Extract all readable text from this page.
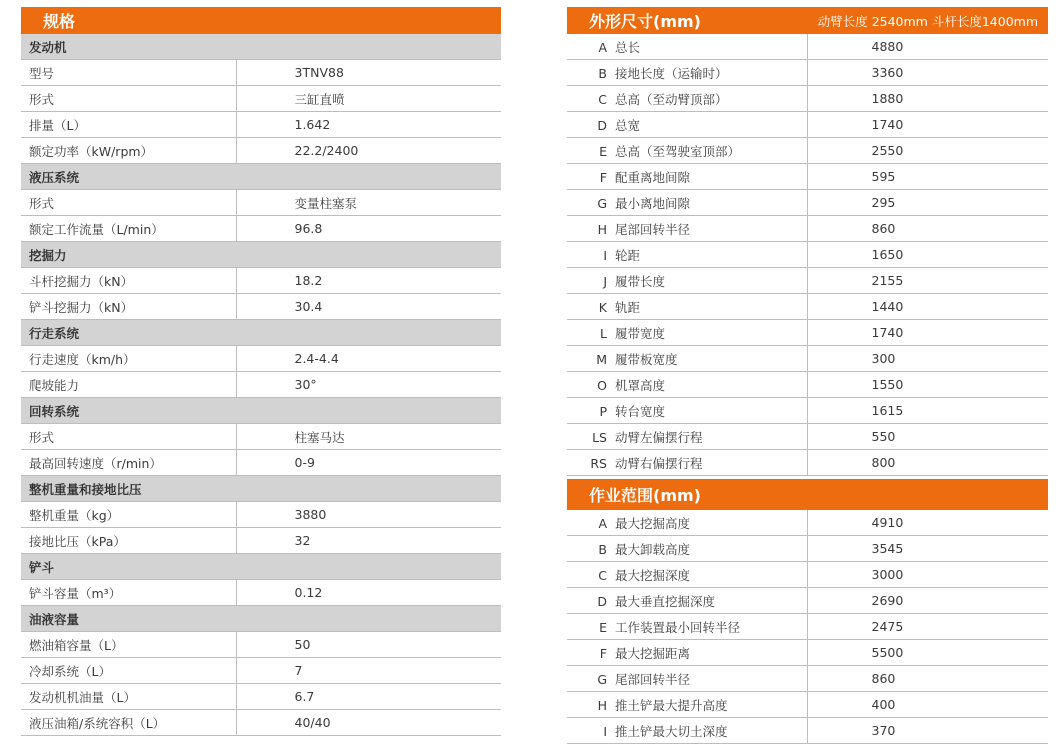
规格
发动机	
型号	3TNV88
形式	三缸直喷
排量（L）	1.642
额定功率（kW/rpm）	22.2/2400
液压系统	
形式	变量柱塞泵
额定工作流量（L/min）	96.8
挖掘力	
斗杆挖掘力（kN）	18.2
铲斗挖掘力（kN）	30.4
行走系统	
行走速度（km/h）	2.4-4.4
爬坡能力	30°
回转系统	
形式	柱塞马达
最高回转速度（r/min）	0-9
整机重量和接地比压	
整机重量（kg）	3880
接地比压（kPa）	32
铲斗	
铲斗容量（m³）	0.12
油液容量	
燃油箱容量（L）	50
冷却系统（L）	7
发动机机油量（L）	6.7
液压油箱/系统容积（L）	40/40
外形尺寸(mm)	动臂长度 2540mm 斗杆长度1400mm
A 总长	4880
B 接地长度（运输时）	3360
C 总高（至动臂顶部）	1880
D 总宽	1740
E 总高（至驾驶室顶部）	2550
F 配重离地间隙	595
G 最小离地间隙	295
H 尾部回转半径	860
I 轮距	1650
J 履带长度	2155
K 轨距	1440
L 履带宽度	1740
M 履带板宽度	300
O 机罩高度	1550
P 转台宽度	1615
LS 动臂左偏摆行程	550
RS 动臂右偏摆行程	800
作业范围(mm)
A 最大挖掘高度	4910
B 最大卸载高度	3545
C 最大挖掘深度	3000
D 最大垂直挖掘深度	2690
E 工作装置最小回转半径	2475
F 最大挖掘距离	5500
G 尾部回转半径	860
H 推土铲最大提升高度	400
I 推土铲最大切土深度	370
